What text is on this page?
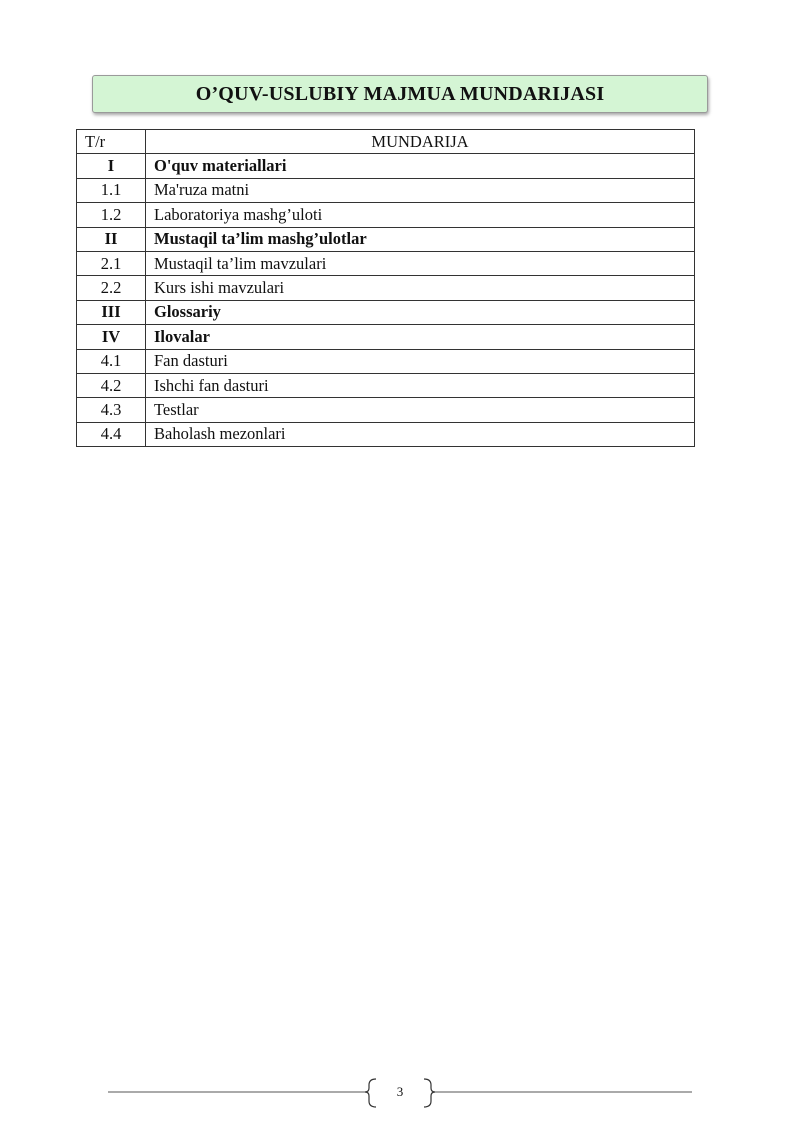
O’QUV-USLUBIY MAJMUA MUNDARIJASI
T/r	MUNDARIJA
I	O'quv materiallari
1.1	Ma'ruza matni
1.2	Laboratoriya mashg’uloti
II	Mustaqil ta’lim mashg’ulotlar
2.1	Mustaqil ta’lim mavzulari
2.2	Kurs ishi mavzulari
III	Glossariy
IV	Ilovalar
4.1	Fan dasturi
4.2	Ishchi fan dasturi
4.3	Testlar
4.4	Baholash mezonlari
3
